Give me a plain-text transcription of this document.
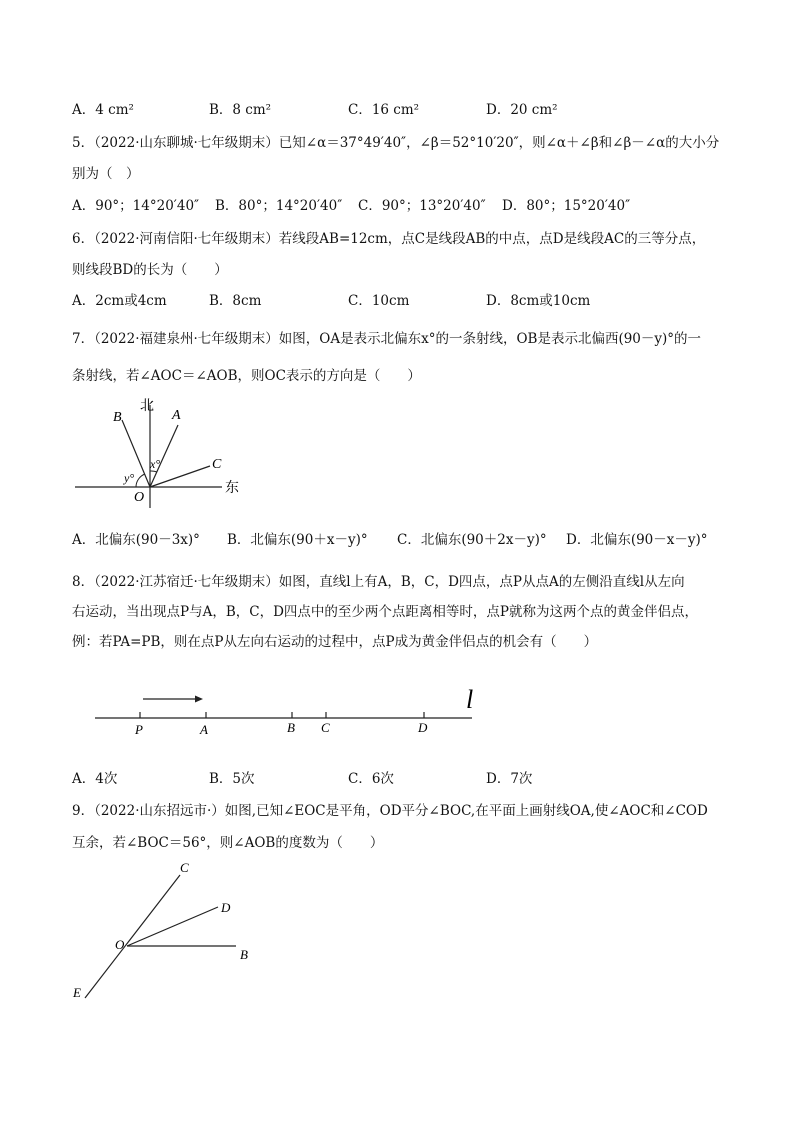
A．4 cm²	B．8 cm²	C．16 cm²	D．20 cm²
5．（2022·山东聊城·七年级期末）已知∠α＝37°49′40″，∠β＝52°10′20″，则∠α＋∠β和∠β－∠α的大小分
别为（　）
A．90°；14°20′40″ B．80°；14°20′40″ C．90°；13°20′40″ D．80°；15°20′40″
6．（2022·河南信阳·七年级期末）若线段AB=12cm，点C是线段AB的中点，点D是线段AC的三等分点，
则线段BD的长为（　　）
A．2cm或4cm	B．8cm	C．10cm	D．8cm或10cm
7．（2022·福建泉州·七年级期末）如图，OA是表示北偏东x°的一条射线，OB是表示北偏西(90－y)°的一
条射线，若∠AOC＝∠AOB，则OC表示的方向是（　　）
北
东
B	A
C
O
y°
x°
A．北偏东(90－3x)° B．北偏东(90＋x－y)° C．北偏东(90＋2x－y)° D．北偏东(90－x－y)°
8．（2022·江苏宿迁·七年级期末）如图，直线l上有A，B，C，D四点，点P从点A的左侧沿直线l从左向
右运动，当出现点P与A，B，C，D四点中的至少两个点距离相等时，点P就称为这两个点的黄金伴侣点，
例：若PA=PB，则在点P从左向右运动的过程中，点P成为黄金伴侣点的机会有（　　）
l
P	A	B C	D
A．4次	B．5次	C．6次	D．7次
9．（2022·山东招远市·）如图,已知∠EOC是平角，OD平分∠BOC,在平面上画射线OA,使∠AOC和∠COD
互余，若∠BOC＝56°，则∠AOB的度数为（　　）
C
D
O
B
E
